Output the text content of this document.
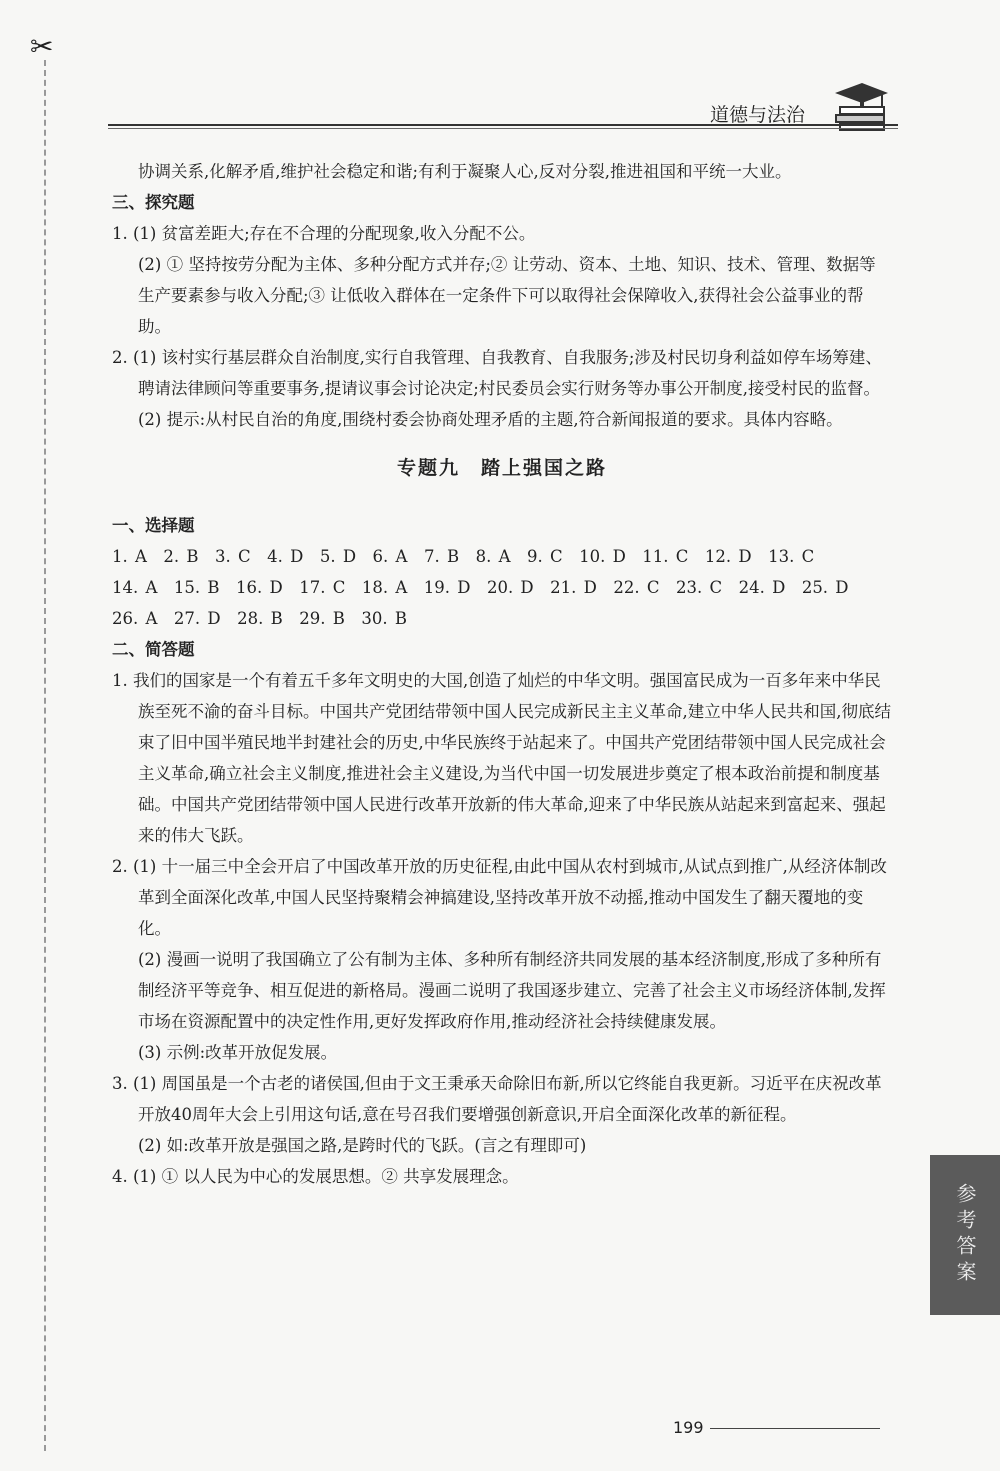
✂
道德与法治

协调关系,化解矛盾,维护社会稳定和谐;有利于凝聚人心,反对分裂,推进祖国和平统一大业。

三、探究题

1. (1) 贫富差距大;存在不合理的分配现象,收入分配不公。

(2) ① 坚持按劳分配为主体、多种分配方式并存;② 让劳动、资本、土地、知识、技术、管理、数据等生产要素参与收入分配;③ 让低收入群体在一定条件下可以取得社会保障收入,获得社会公益事业的帮助。

2. (1) 该村实行基层群众自治制度,实行自我管理、自我教育、自我服务;涉及村民切身利益如停车场筹建、聘请法律顾问等重要事务,提请议事会讨论决定;村民委员会实行财务等办事公开制度,接受村民的监督。

(2) 提示:从村民自治的角度,围绕村委会协商处理矛盾的主题,符合新闻报道的要求。具体内容略。

专题九　踏上强国之路

一、选择题

1. A　2. B　3. C　4. D　5. D　6. A　7. B　8. A　9. C　10. D　11. C　12. D　13. C

14. A　15. B　16. D　17. C　18. A　19. D　20. D　21. D　22. C　23. C　24. D　25. D

26. A　27. D　28. B　29. B　30. B

二、简答题

1. 我们的国家是一个有着五千多年文明史的大国,创造了灿烂的中华文明。强国富民成为一百多年来中华民族至死不渝的奋斗目标。中国共产党团结带领中国人民完成新民主主义革命,建立中华人民共和国,彻底结束了旧中国半殖民地半封建社会的历史,中华民族终于站起来了。中国共产党团结带领中国人民完成社会主义革命,确立社会主义制度,推进社会主义建设,为当代中国一切发展进步奠定了根本政治前提和制度基础。中国共产党团结带领中国人民进行改革开放新的伟大革命,迎来了中华民族从站起来到富起来、强起来的伟大飞跃。

2. (1) 十一届三中全会开启了中国改革开放的历史征程,由此中国从农村到城市,从试点到推广,从经济体制改革到全面深化改革,中国人民坚持聚精会神搞建设,坚持改革开放不动摇,推动中国发生了翻天覆地的变化。

(2) 漫画一说明了我国确立了公有制为主体、多种所有制经济共同发展的基本经济制度,形成了多种所有制经济平等竞争、相互促进的新格局。漫画二说明了我国逐步建立、完善了社会主义市场经济体制,发挥市场在资源配置中的决定性作用,更好发挥政府作用,推动经济社会持续健康发展。

(3) 示例:改革开放促发展。

3. (1) 周国虽是一个古老的诸侯国,但由于文王秉承天命除旧布新,所以它终能自我更新。习近平在庆祝改革开放40周年大会上引用这句话,意在号召我们要增强创新意识,开启全面深化改革的新征程。

(2) 如:改革开放是强国之路,是跨时代的飞跃。(言之有理即可)

4. (1) ① 以人民为中心的发展思想。② 共享发展理念。

参考答案
199
